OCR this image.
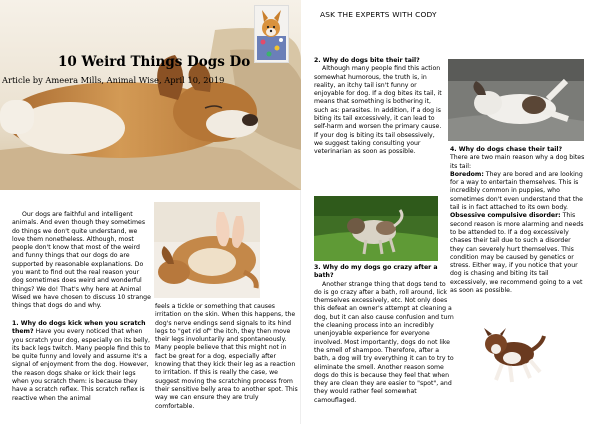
10 Weird Things Dogs Do
Article by Ameera Mills, Animal Wise, April 10, 2019
ASK THE EXPERTS WITH CODY

Our dogs are faithful and intelligent animals. And even though they sometimes do things we don't quite understand, we love them nonetheless. Although, most people don't know that most of the weird and funny things that our dogs do are supported by reasonable explanations. Do you want to find out the real reason your dog sometimes does weird and wonderful things? We do! That's why here at Animal Wised we have chosen to discuss 10 strange things that dogs do and why.

1. Why do dogs kick when you scratch them? Have you every noticed that when you scratch your dog, especially on its belly, its back legs twitch. Many people find this to be quite funny and lovely and assume it's a signal of enjoyment from the dog. However, the reason dogs shake or kick their legs when you scratch them: is because they have a scratch reflex. This scratch reflex is reactive when the animal

feels a tickle or something that causes irritation on the skin. When this happens, the dog's nerve endings send signals to its hind legs to "get rid of" the itch, they then move their legs involuntarily and spontaneously. Many people believe that this might not in fact be great for a dog, especially after knowing that they kick their leg as a reaction to irritation. If this is really the case, we suggest moving the scratching process from their sensitive belly area to another spot. This way we can ensure they are truly comfortable.

2. Why do dogs bite their tail?

Although many people find this action somewhat humorous, the truth is, in reality, an itchy tail isn't funny or enjoyable for dog. If a dog bites its tail, it means that something is bothering it, such as: parasites. In addition, if a dog is biting its tail excessively, it can lead to self-harm and worsen the primary cause. If your dog is biting its tail obsessively, we suggest taking consulting your veterinarian as soon as possible.

3. Why do my dogs go crazy after a bath?

Another strange thing that dogs tend to do is go crazy after a bath, roll around, lick themselves excessively, etc. Not only does this defeat an owner's attempt at cleaning a dog, but it can also cause confusion and turn the cleaning process into an incredibly unenjoyable experience for everyone involved. Most importantly, dogs do not like the smell of shampoo. Therefore, after a bath, a dog will try everything it can to try to eliminate the smell. Another reason some dogs do this is because they feel that when they are clean they are easier to "spot", and they would rather feel somewhat camouflaged.

4. Why do dogs chase their tail?

There are two main reason why a dog bites its tail:

Boredom: They are bored and are looking for a way to entertain themselves. This is incredibly common in puppies, who sometimes don't even understand that the tail is in fact attached to its own body.

Obsessive compulsive disorder: This second reason is more alarming and needs to be attended to. If a dog excessively chases their tail due to such a disorder they can severely hurt themselves. This condition may be caused by genetics or stress. Either way, if you notice that your dog is chasing and biting its tail excessively, we recommend going to a vet as soon as possible.
